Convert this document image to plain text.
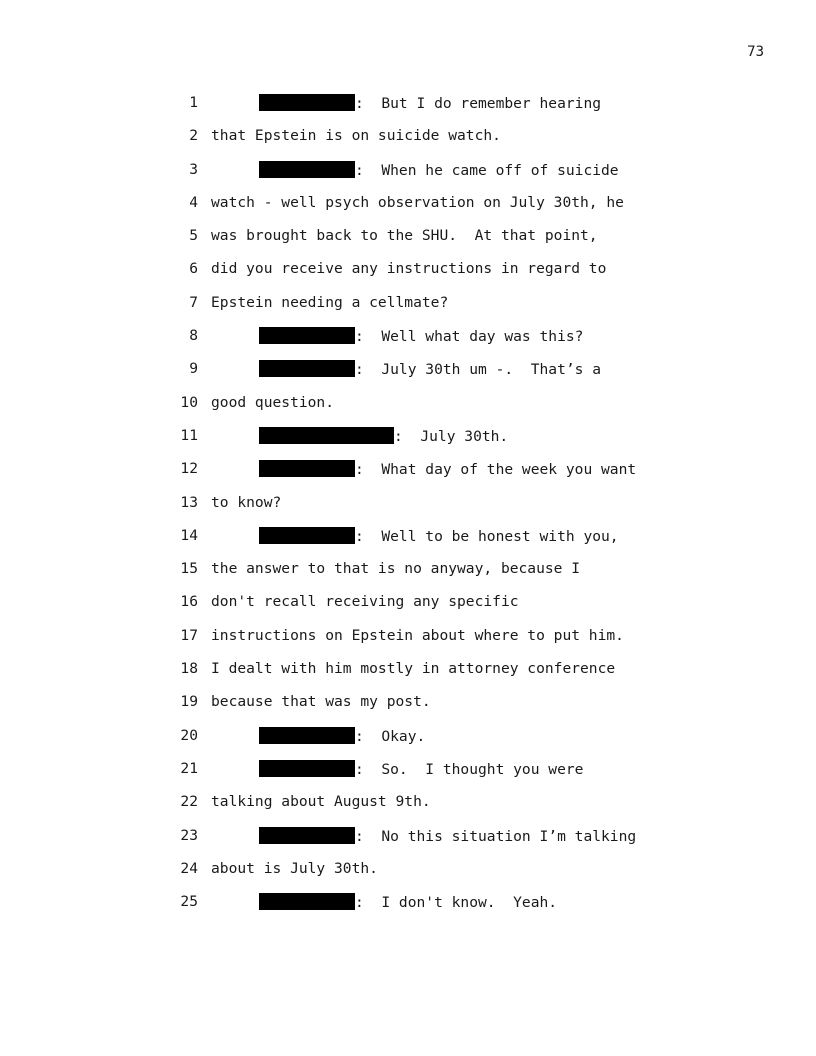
73
1	:  But I do remember hearing
2 that Epstein is on suicide watch.
3	:  When he came off of suicide
4 watch - well psych observation on July 30th, he
5 was brought back to the SHU.  At that point,
6 did you receive any instructions in regard to
7 Epstein needing a cellmate?
8	:  Well what day was this?
9	:  July 30th um -.  That’s a
10 good question.
11	:  July 30th.
12	:  What day of the week you want
13 to know?
14	:  Well to be honest with you,
15 the answer to that is no anyway, because I
16 don't recall receiving any specific
17 instructions on Epstein about where to put him.
18 I dealt with him mostly in attorney conference
19 because that was my post.
20	:  Okay.
21	:  So.  I thought you were
22 talking about August 9th.
23	:  No this situation I’m talking
24 about is July 30th.
25	:  I don't know.  Yeah.
